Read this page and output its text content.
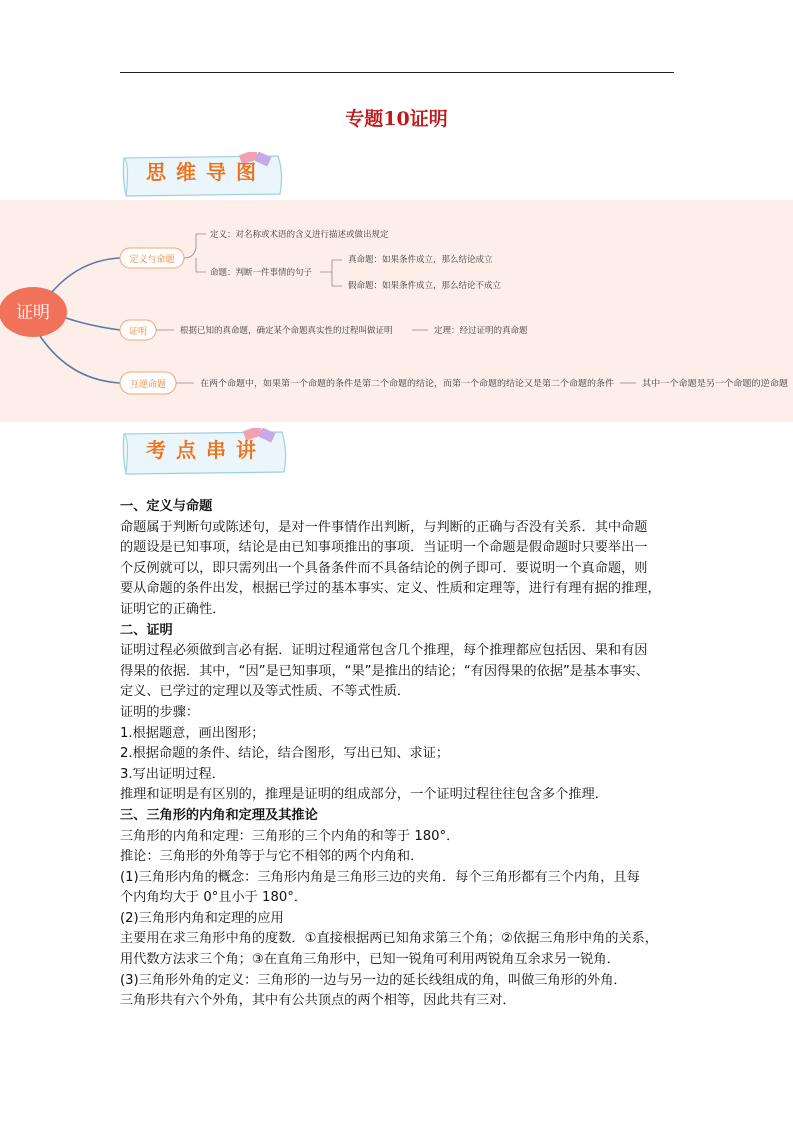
专题10证明
思维导图
证明
定义与命题
证明
互逆命题
定义：对名称或术语的含义进行描述或做出规定
命题：判断一件事情的句子
真命题：如果条件成立，那么结论成立
假命题：如果条件成立，那么结论不成立
根据已知的真命题，确定某个命题真实性的过程叫做证明	定理：经过证明的真命题
在两个命题中，如果第一个命题的条件是第二个命题的结论，而第一个命题的结论又是第二个命题的条件	其中一个命题是另一个命题的逆命题
考点串讲

一、定义与命题

命题属于判断句或陈述句，是对一件事情作出判断，与判断的正确与否没有关系．其中命题

的题设是已知事项，结论是由已知事项推出的事项．当证明一个命题是假命题时只要举出一

个反例就可以，即只需列出一个具备条件而不具备结论的例子即可．要说明一个真命题，则

要从命题的条件出发，根据已学过的基本事实、定义、性质和定理等，进行有理有据的推理，

证明它的正确性．

二、证明

证明过程必须做到言必有据．证明过程通常包含几个推理，每个推理都应包括因、果和有因

得果的依据．其中，“因”是已知事项，“果”是推出的结论；“有因得果的依据”是基本事实、

定义、已学过的定理以及等式性质、不等式性质．

证明的步骤：

1.根据题意，画出图形；

2.根据命题的条件、结论，结合图形，写出已知、求证；

3.写出证明过程．

推理和证明是有区别的，推理是证明的组成部分，一个证明过程往往包含多个推理．

三、三角形的内角和定理及其推论

三角形的内角和定理：三角形的三个内角的和等于 180°．

推论：三角形的外角等于与它不相邻的两个内角和．

(1)三角形内角的概念：三角形内角是三角形三边的夹角．每个三角形都有三个内角，且每

个内角均大于 0°且小于 180°．

(2)三角形内角和定理的应用

主要用在求三角形中角的度数．①直接根据两已知角求第三个角；②依据三角形中角的关系，

用代数方法求三个角；③在直角三角形中，已知一锐角可利用两锐角互余求另一锐角．

(3)三角形外角的定义：三角形的一边与另一边的延长线组成的角，叫做三角形的外角．

三角形共有六个外角，其中有公共顶点的两个相等，因此共有三对．
